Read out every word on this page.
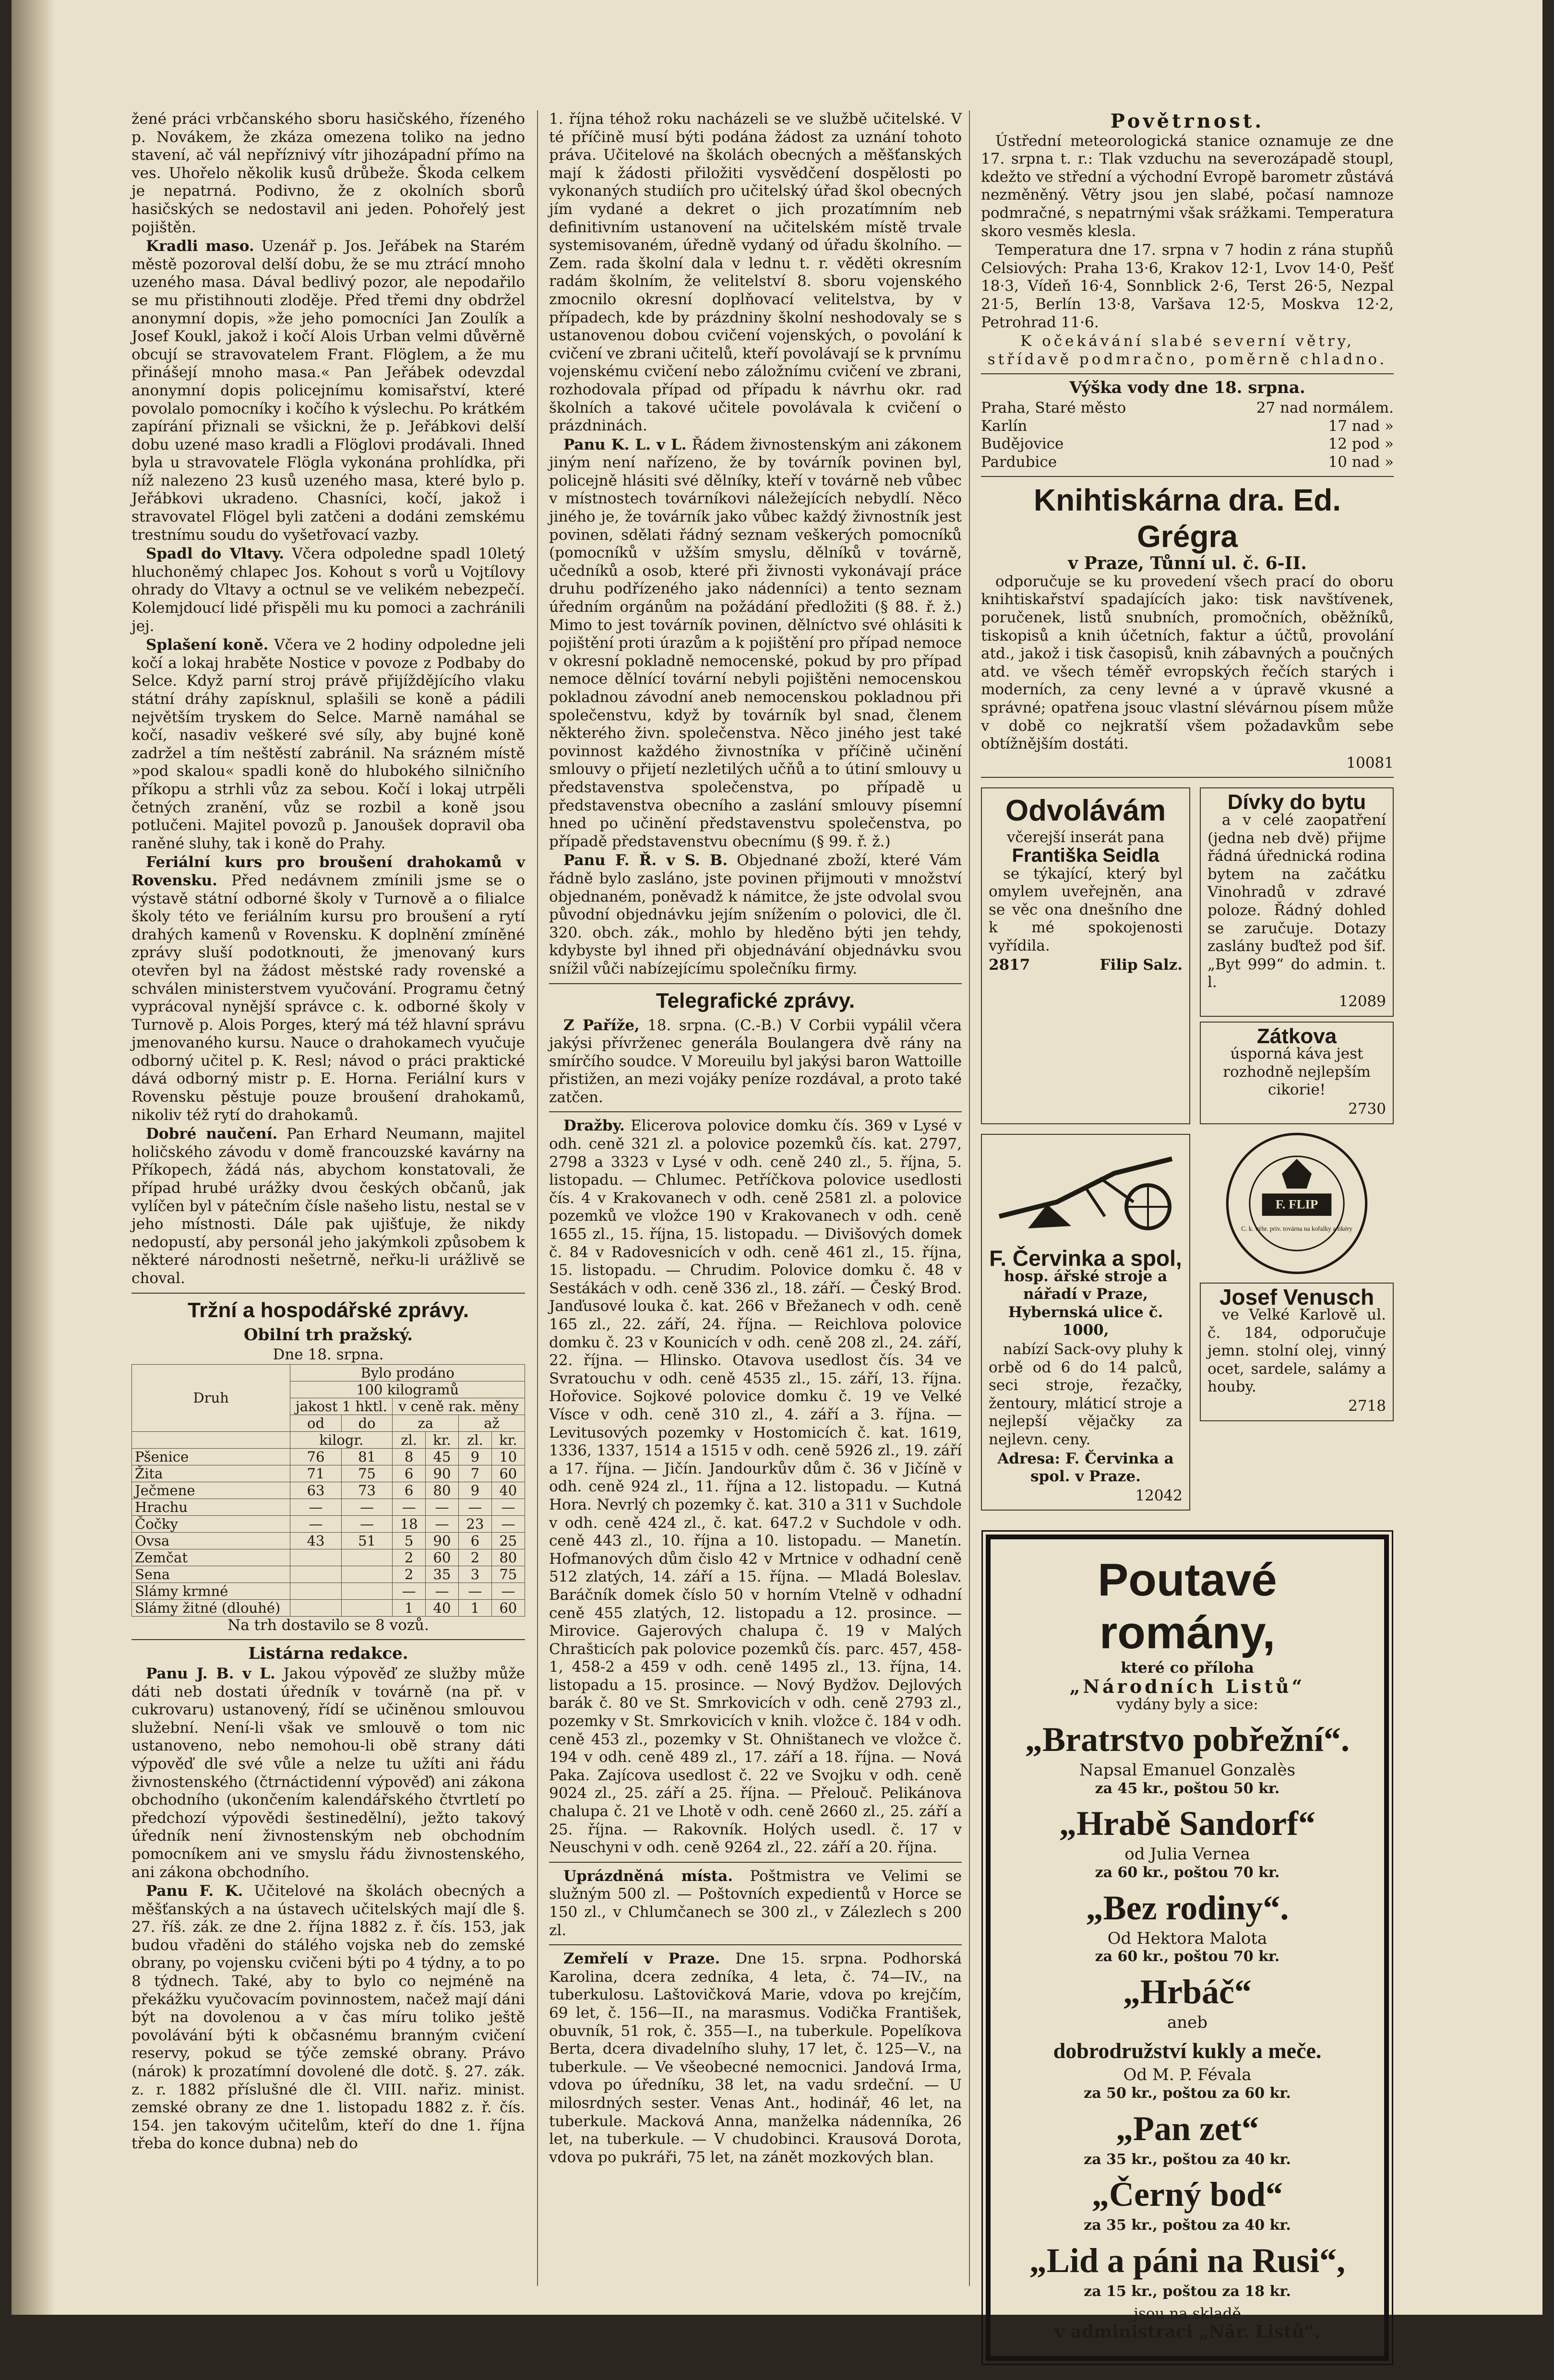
žené práci vrbčanského sboru hasičského, řízeného p. Novákem, že zkáza omezena toliko na jedno stavení, ač vál nepříznivý vítr jihozápadní přímo na ves. Uhořelo několik kusů drůbeže. Škoda celkem je nepatrná. Podivno, že z okolních sborů hasičských se nedostavil ani jeden. Pohořelý jest pojištěn.

Kradli maso. Uzenář p. Jos. Jeřábek na Starém městě pozoroval delší dobu, že se mu ztrácí mnoho uzeného masa. Dával bedlivý pozor, ale nepodařilo se mu přistihnouti zloděje. Před třemi dny obdržel anonymní dopis, »že jeho pomocníci Jan Zoulík a Josef Koukl, jakož i kočí Alois Urban velmi důvěrně obcují se stravovatelem Frant. Flöglem, a že mu přinášejí mnoho masa.« Pan Jeřábek odevzdal anonymní dopis policejnímu komisařství, které povolalo pomocníky i kočího k výslechu. Po krátkém zapírání přiznali se všickni, že p. Jeřábkovi delší dobu uzené maso kradli a Flöglovi prodávali. Ihned byla u stravovatele Flögla vykonána prohlídka, při níž nalezeno 23 kusů uzeného masa, které bylo p. Jeřábkovi ukradeno. Chasníci, kočí, jakož i stravovatel Flögel byli zatčeni a dodáni zemskému trestnímu soudu do vyšetřovací vazby.

Spadl do Vltavy. Včera odpoledne spadl 10letý hluchoněmý chlapec Jos. Kohout s vorů u Vojtílovy ohrady do Vltavy a octnul se ve velikém nebezpečí. Kolemjdoucí lidé přispěli mu ku pomoci a zachránili jej.

Splašení koně. Včera ve 2 hodiny odpoledne jeli kočí a lokaj hraběte Nostice v povoze z Podbaby do Selce. Když parní stroj právě přijíždějícího vlaku státní dráhy zapísknul, splašili se koně a pádili největším tryskem do Selce. Marně namáhal se kočí, nasadiv veškeré své síly, aby bujné koně zadržel a tím neštěstí zabránil. Na srázném místě »pod skalou« spadli koně do hlubokého silničního příkopu a strhli vůz za sebou. Kočí i lokaj utrpěli četných zranění, vůz se rozbil a koně jsou potlučeni. Majitel povozů p. Janoušek dopravil oba raněné sluhy, tak i koně do Prahy.

Feriální kurs pro broušení drahokamů v Rovensku. Před nedávnem zmínili jsme se o výstavě státní odborné školy v Turnově a o filialce školy této ve feriálním kursu pro broušení a rytí drahých kamenů v Rovensku. K doplnění zmíněné zprávy sluší podotknouti, že jmenovaný kurs otevřen byl na žádost městské rady rovenské a schválen ministerstvem vyučování. Programu četný vyprácoval nynější správce c. k. odborné školy v Turnově p. Alois Porges, který má též hlavní správu jmenovaného kursu. Nauce o drahokamech vyučuje odborný učitel p. K. Resl; návod o práci praktické dává odborný mistr p. E. Horna. Feriální kurs v Rovensku pěstuje pouze broušení drahokamů, nikoliv též rytí do drahokamů.

Dobré naučení. Pan Erhard Neumann, majitel holičského závodu v domě francouzské kavárny na Příkopech, žádá nás, abychom konstatovali, že případ hrubé urážky dvou českých občanů, jak vylíčen byl v pátečním čísle našeho listu, nestal se v jeho místnosti. Dále pak ujišťuje, že nikdy nedopustí, aby personál jeho jakýmkoli způsobem k některé národnosti nešetrně, neřku-li urážlivě se choval.

Tržní a hospodářské zprávy.
Obilní trh pražský.
Dne 18. srpna.
Druh	Bylo prodáno					
	100 kilogramů					
	jakost 1 hktl.		v ceně rak. měny			
	od	do	za		až	
	kilogr.		zl.	kr.	zl.	kr.
Pšenice	76	81	8	45	9	10
Žita	71	75	6	90	7	60
Ječmene	63	73	6	80	9	40
Hrachu	—	—	—	—	—	—
Čočky	—	—	18	—	23	—
Ovsa	43	51	5	90	6	25
Zemčat			2	60	2	80
Sena			2	35	3	75
Slámy krmné			—	—	—	—
Slámy žitné (dlouhé)			1	40	1	60
Na trh dostavilo se 8 vozů.
Listárna redakce.

Panu J. B. v L. Jakou výpověď ze služby může dáti neb dostati úředník v továrně (na př. v cukrovaru) ustanovený, řídí se učiněnou smlouvou služební. Není-li však ve smlouvě o tom nic ustanoveno, nebo nemohou-li obě strany dáti výpověď dle své vůle a nelze tu užíti ani řádu živnostenského (čtrnáctidenní výpověď) ani zákona obchodního (ukončením kalendářského čtvrtletí po předchozí výpovědi šestinedělní), ježto takový úředník není živnostenským neb obchodním pomocníkem ani ve smyslu řádu živnostenského, ani zákona obchodního.

Panu F. K. Učitelové na školách obecných a měšťanských a na ústavech učitelských mají dle §. 27. říš. zák. ze dne 2. října 1882 z. ř. čís. 153, jak budou vřaděni do stálého vojska neb do zemské obrany, po vojensku cvičeni býti po 4 týdny, a to po 8 týdnech. Také, aby to bylo co nejméně na překážku vyučovacím povinnostem, načež mají dáni být na dovolenou a v čas míru toliko ještě povolávání býti k občasnému branným cvičení reservy, pokud se týče zemské obrany. Právo (nárok) k prozatímní dovolené dle dotč. §. 27. zák. z. r. 1882 příslušné dle čl. VIII. nařiz. minist. zemské obrany ze dne 1. listopadu 1882 z. ř. čís. 154. jen takovým učitelům, kteří do dne 1. října třeba do konce dubna) neb do

1. října téhož roku nacházeli se ve službě učitelské. V té příčině musí býti podána žádost za uznání tohoto práva. Učitelové na školách obecných a měšťanských mají k žádosti přiložiti vysvědčení dospělosti po vykonaných studiích pro učitelský úřad škol obecných jím vydané a dekret o jich prozatímním neb definitivním ustanovení na učitelském místě trvale systemisovaném, úředně vydaný od úřadu školního. — Zem. rada školní dala v lednu t. r. věděti okresním radám školním, že velitelství 8. sboru vojenského zmocnilo okresní doplňovací velitelstva, by v případech, kde by prázdniny školní neshodovaly se s ustanovenou dobou cvičení vojenských, o povolání k cvičení ve zbrani učitelů, kteří povolávají se k prvnímu vojenskému cvičení nebo záložnímu cvičení ve zbrani, rozhodovala případ od případu k návrhu okr. rad školních a takové učitele povolávala k cvičení o prázdninách.

Panu K. L. v L. Řádem živnostenským ani zákonem jiným není nařízeno, že by továrník povinen byl, policejně hlásiti své dělníky, kteří v továrně neb vůbec v místnostech továrníkovi náležejících nebydlí. Něco jiného je, že továrník jako vůbec každý živnostník jest povinen, sdělati řádný seznam veškerých pomocníků (pomocníků v užším smyslu, dělníků v továrně, učedníků a osob, které při živnosti vykonávají práce druhu podřízeného jako nádenníci) a tento seznam úředním orgánům na požádání předložiti (§ 88. ř. ž.) Mimo to jest továrník povinen, dělníctvo své ohlásiti k pojištění proti úrazům a k pojištění pro případ nemoce v okresní pokladně nemocenské, pokud by pro případ nemoce dělnící tovární nebyli pojištěni nemocenskou pokladnou závodní aneb nemocenskou pokladnou při společenstvu, když by továrník byl snad, členem některého živn. společenstva. Něco jiného jest také povinnost každého živnostníka v příčině učinění smlouvy o přijetí nezletilých učňů a to útiní smlouvy u představenstva společenstva, po případě u představenstva obecního a zaslání smlouvy písemní hned po učinění představenstvu společenstva, po případě představenstvu obecnímu (§ 99. ř. ž.)

Panu F. Ř. v S. B. Objednané zboží, které Vám řádně bylo zasláno, jste povinen přijmouti v množství objednaném, poněvadž k námitce, že jste odvolal svou původní objednávku jejím snížením o polovici, dle čl. 320. obch. zák., mohlo by hleděno býti jen tehdy, kdybyste byl ihned při objednávání objednávku svou snížil vůči nabízejícímu společníku firmy.

Telegrafické zprávy.

Z Paříže, 18. srpna. (C.-B.) V Corbii vypálil včera jakýsi přívrženec generála Boulangera dvě rány na smírčího soudce. V Moreuilu byl jakýsi baron Wattoille přistižen, an mezi vojáky peníze rozdával, a proto také zatčen.

Dražby. Elicerova polovice domku čís. 369 v Lysé v odh. ceně 321 zl. a polovice pozemků čís. kat. 2797, 2798 a 3323 v Lysé v odh. ceně 240 zl., 5. října, 5. listopadu. — Chlumec. Petříčkova polovice usedlosti čís. 4 v Krakovanech v odh. ceně 2581 zl. a polovice pozemků ve vložce 190 v Krakovanech v odh. ceně 1655 zl., 15. října, 15. listopadu. — Divišových domek č. 84 v Radovesnicích v odh. ceně 461 zl., 15. října, 15. listopadu. — Chrudim. Polovice domku č. 48 v Sestákách v odh. ceně 336 zl., 18. září. — Český Brod. Janďusové louka č. kat. 266 v Břežanech v odh. ceně 165 zl., 22. září, 24. října. — Reichlova polovice domku č. 23 v Kounicích v odh. ceně 208 zl., 24. září, 22. října. — Hlinsko. Otavova usedlost čís. 34 ve Svratouchu v odh. ceně 4535 zl., 15. září, 13. října. Hořovice. Sojkové polovice domku č. 19 ve Velké Vísce v odh. ceně 310 zl., 4. září a 3. října. — Levitusových pozemky v Hostomicích č. kat. 1619, 1336, 1337, 1514 a 1515 v odh. ceně 5926 zl., 19. září a 17. října. — Jičín. Jandourkův dům č. 36 v Jičíně v odh. ceně 924 zl., 11. října a 12. listopadu. — Kutná Hora. Nevrlý ch pozemky č. kat. 310 a 311 v Suchdole v odh. ceně 424 zl., č. kat. 647.2 v Suchdole v odh. ceně 443 zl., 10. října a 10. listopadu. — Manetín. Hofmanových dům čislo 42 v Mrtnice v odhadní ceně 512 zlatých, 14. září a 15. října. — Mladá Boleslav. Baráčník domek číslo 50 v horním Vtelně v odhadní ceně 455 zlatých, 12. listopadu a 12. prosince. — Mirovice. Gajerových chalupa č. 19 v Malých Chrašticích pak polovice pozemků čís. parc. 457, 458-1, 458-2 a 459 v odh. ceně 1495 zl., 13. října, 14. listopadu a 15. prosince. — Nový Bydžov. Dejlových barák č. 80 ve St. Smrkovicích v odh. ceně 2793 zl., pozemky v St. Smrkovicích v knih. vložce č. 184 v odh. ceně 453 zl., pozemky v St. Ohništanech ve vložce č. 194 v odh. ceně 489 zl., 17. září a 18. října. — Nová Paka. Zajícova usedlost č. 22 ve Svojku v odh. ceně 9024 zl., 25. září a 25. října. — Přelouč. Pelikánova chalupa č. 21 ve Lhotě v odh. ceně 2660 zl., 25. září a 25. října. — Rakovník. Holých usedl. č. 17 v Neuschyni v odh. ceně 9264 zl., 22. září a 20. října.

Uprázdněná místa. Poštmistra ve Velimi se služným 500 zl. — Poštovních expedientů v Horce se 150 zl., v Chlumčanech se 300 zl., v Zálezlech s 200 zl.

Zemřelí v Praze. Dne 15. srpna. Podhorská Karolina, dcera zedníka, 4 leta, č. 74—IV., na tuberkulosu. Laštovičková Marie, vdova po krejčím, 69 let, č. 156—II., na marasmus. Vodička František, obuvník, 51 rok, č. 355—I., na tuberkule. Popelíkova Berta, dcera divadelního sluhy, 17 let, č. 125—V., na tuberkule. — Ve všeobecné nemocnici. Jandová Irma, vdova po úředníku, 38 let, na vadu srdeční. — U milosrdných sester. Venas Ant., hodinář, 46 let, na tuberkule. Macková Anna, manželka nádenníka, 26 let, na tuberkule. — V chudobinci. Krausová Dorota, vdova po pukráři, 75 let, na zánět mozkových blan.

Povětrnost.

Ústřední meteorologická stanice oznamuje ze dne 17. srpna t. r.: Tlak vzduchu na severozápadě stoupl, kdežto ve střední a východní Evropě barometr zůstává nezměněný. Větry jsou jen slabé, počasí namnoze podmračné, s nepatrnými však srážkami. Temperatura skoro vesměs klesla.

Temperatura dne 17. srpna v 7 hodin z rána stupňů Celsiových: Praha 13·6, Krakov 12·1, Lvov 14·0, Pešť 18·3, Vídeň 16·4, Sonnblick 2·6, Terst 26·5, Nezpal 21·5, Berlín 13·8, Varšava 12·5, Moskva 12·2, Petrohrad 11·6.

K očekávání slabé severní větry, střídavě podmračno, poměrně chladno.

Výška vody dne 18. srpna.
Praha, Staré město	27 nad normálem.
Karlín	17 nad »
Budějovice	12 pod »
Pardubice	10 nad »
Knihtiskárna dra. Ed. Grégra
v Praze, Tůnní ul. č. 6-II.

odporučuje se ku provedení všech prací do oboru knihtiskařství spadajících jako: tisk navštívenek, poručenek, listů snubních, promočních, oběžníků, tiskopisů a knih účetních, faktur a účtů, provolání atd., jakož i tisk časopisů, knih zábavných a poučných atd. ve všech téměř evropských řečích starých i moderních, za ceny levné a v úpravě vkusné a správné; opatřena jsouc vlastní slévárnou písem může v době co nejkratší všem požadavkům sebe obtížnějším dostáti.

10081
Odvolávám
včerejší inserát pana
Františka Seidla

se týkající, který byl omylem uveřejněn, ana se věc ona dnešního dne k mé spokojenosti vyřídila.

2817	Filip Salz.
Dívky do bytu

a v celé zaopatření (jedna neb dvě) přijme řádná úřednická rodina bytem na začátku Vinohradů v zdravé poloze. Řádný dohled se zaručuje. Dotazy zaslány buďtež pod šif. „Byt 999“ do admin. t. l.

12089
Zátkova

úsporná káva jest rozhodně nejlepším cikorie!

2730
F. Červinka a spol,

hosp. ářské stroje a nářadí v Praze, Hybernská ulice č. 1000,

nabízí Sack-ovy pluhy k orbě od 6 do 14 palců, seci stroje, řezačky, žentoury, mláticí stroje a nejlepší vějačky za nejlevn. ceny.

Adresa: F. Červinka a spol. v Praze.

12042
F. FLIP
C. k. výhr. priv. továrna na kořalky a likéry
Josef Venusch

ve Velké Karlově ul. č. 184, odporučuje jemn. stolní olej, vinný ocet, sardele, salámy a houby.

2718
Poutavé romány,
které co příloha
„Národních Listů“
vydány byly a sice:
„Bratrstvo pobřežní“.
Napsal Emanuel Gonzalès
za 45 kr., poštou 50 kr.
„Hrabě Sandorf“
od Julia Vernea
za 60 kr., poštou 70 kr.
„Bez rodiny“.
Od Hektora Malota
za 60 kr., poštou 70 kr.
„Hrbáč“
aneb
dobrodružství kukly a meče.
Od M. P. Févala
za 50 kr., poštou za 60 kr.
„Pan zet“
za 35 kr., poštou za 40 kr.
„Černý bod“
za 35 kr., poštou za 40 kr.
„Lid a páni na Rusi“,
za 15 kr., poštou za 18 kr.
jsou na skladě
v administraci „Nár. Listů“.
